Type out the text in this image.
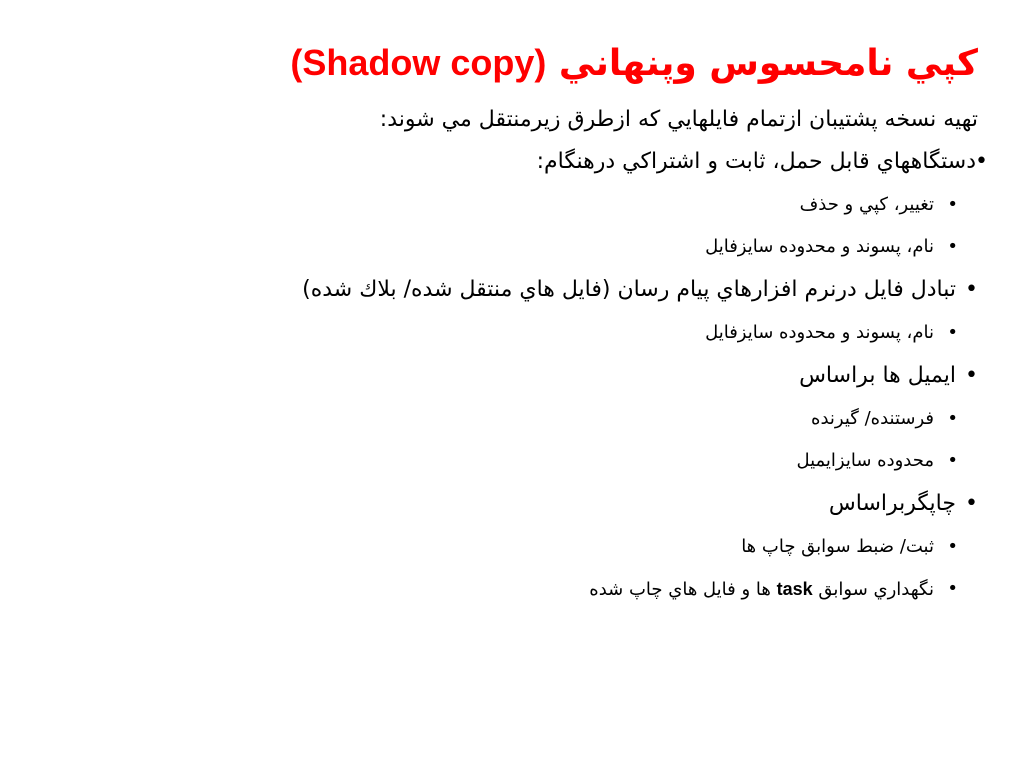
كپي نامحسوس وپنهاني (Shadow copy)
تهيه نسخه پشتيبان ازتمام فايلهايي كه ازطرق زيرمنتقل مي شوند:
•
دستگاههاي قابل حمل، ثابت و اشتراكي درهنگام:
•
تغيير، كپي و حذف
•
نام، پسوند و محدوده سايزفايل
•
تبادل فايل درنرم افزارهاي پيام رسان (فايل هاي منتقل شده/ بلاك شده)
•
نام، پسوند و محدوده سايزفايل
•
ايميل ها براساس
•
فرستنده/ گيرنده
•
محدوده سايزايميل
•
چاپگربراساس
•
ثبت/ ضبط سوابق چاپ ها
•
نگهداري سوابق task ها و فايل هاي چاپ شده
